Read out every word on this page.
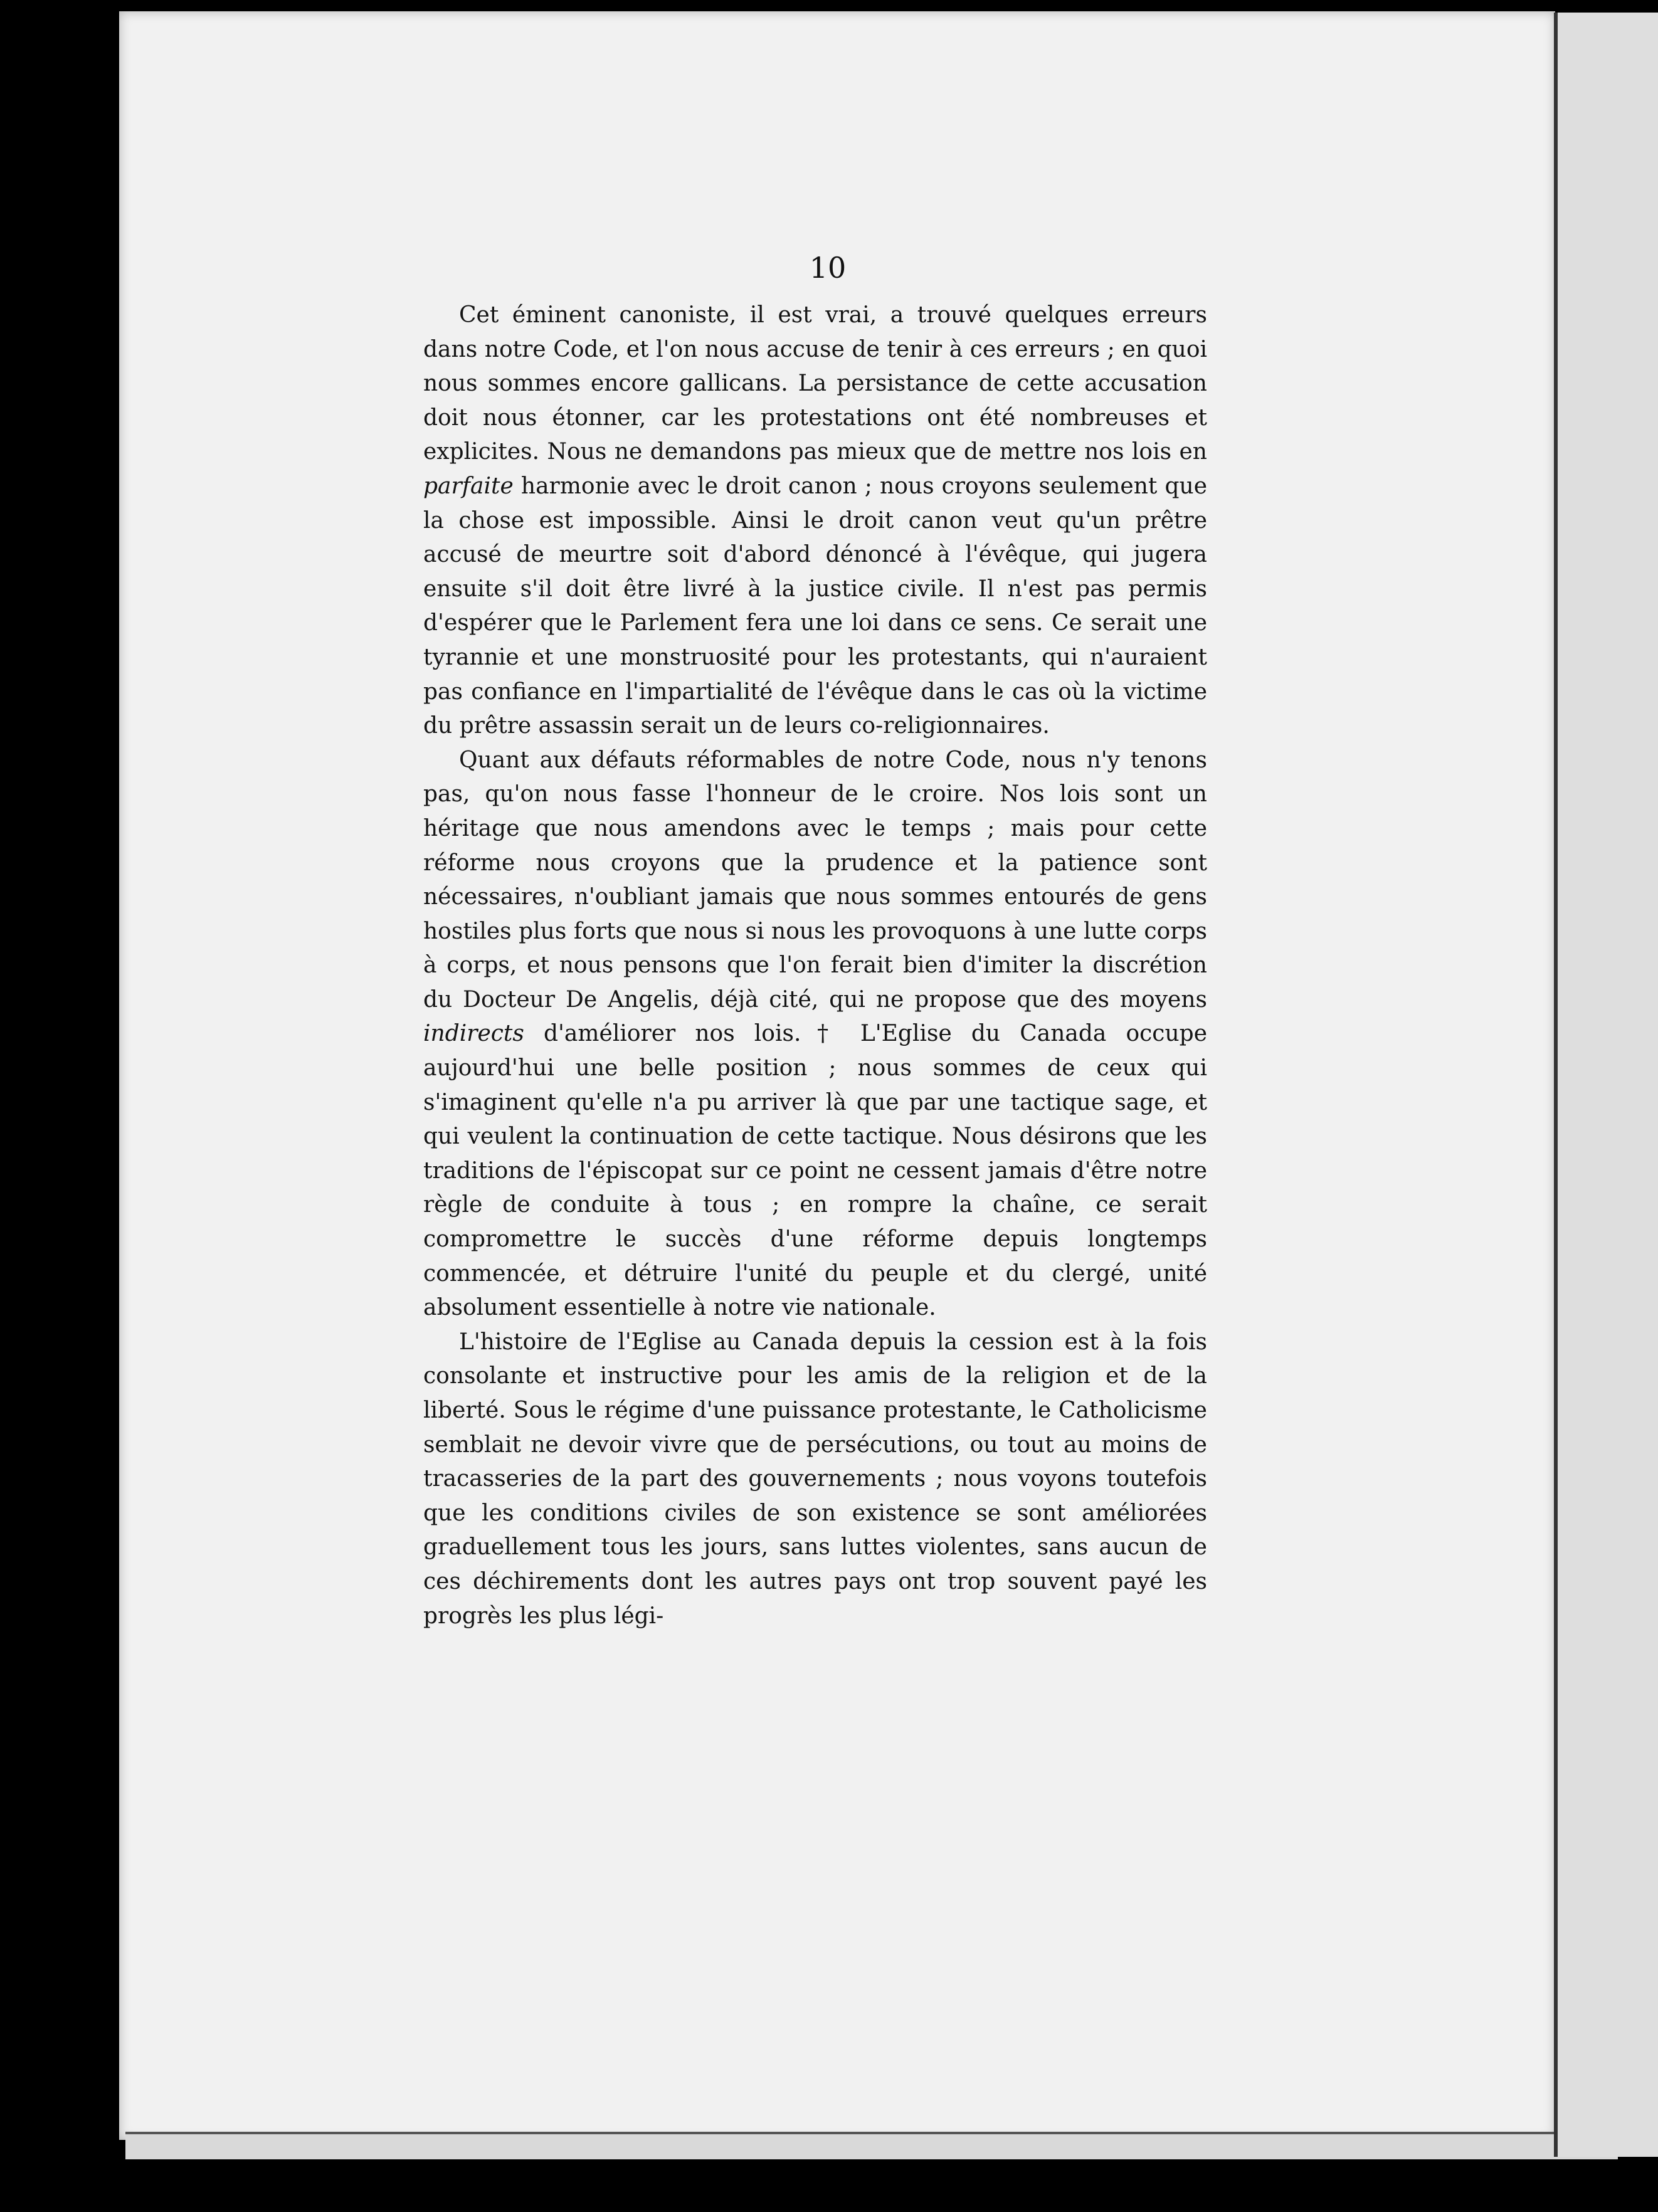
10

Cet éminent canoniste, il est vrai, a trouvé quelques erreurs dans notre Code, et l'on nous accuse de tenir à ces erreurs ; en quoi nous sommes encore gallicans. La persistance de cette accusation doit nous étonner, car les protestations ont été nombreuses et explicites. Nous ne demandons pas mieux que de mettre nos lois en parfaite harmonie avec le droit canon ; nous croyons seulement que la chose est impossible. Ainsi le droit canon veut qu'un prêtre accusé de meurtre soit d'abord dénoncé à l'évêque, qui jugera ensuite s'il doit être livré à la justice civile. Il n'est pas permis d'espérer que le Parlement fera une loi dans ce sens. Ce serait une tyrannie et une monstruosité pour les protestants, qui n'auraient pas confiance en l'impartialité de l'évêque dans le cas où la victime du prêtre assassin serait un de leurs co-religionnaires.

Quant aux défauts réformables de notre Code, nous n'y tenons pas, qu'on nous fasse l'honneur de le croire. Nos lois sont un héritage que nous amendons avec le temps ; mais pour cette réforme nous croyons que la prudence et la patience sont nécessaires, n'oubliant jamais que nous sommes entourés de gens hostiles plus forts que nous si nous les provoquons à une lutte corps à corps, et nous pensons que l'on ferait bien d'imiter la discrétion du Docteur De Angelis, déjà cité, qui ne propose que des moyens indirects d'améliorer nos lois. † L'Eglise du Canada occupe aujourd'hui une belle position ; nous sommes de ceux qui s'imaginent qu'elle n'a pu arriver là que par une tactique sage, et qui veulent la continuation de cette tactique. Nous désirons que les traditions de l'épiscopat sur ce point ne cessent jamais d'être notre règle de conduite à tous ; en rompre la chaîne, ce serait compromettre le succès d'une réforme depuis longtemps commencée, et détruire l'unité du peuple et du clergé, unité absolument essentielle à notre vie nationale.

L'histoire de l'Eglise au Canada depuis la cession est à la fois consolante et instructive pour les amis de la religion et de la liberté. Sous le régime d'une puissance protestante, le Catholicisme semblait ne devoir vivre que de persécutions, ou tout au moins de tracasseries de la part des gouvernements ; nous voyons toutefois que les conditions civiles de son existence se sont améliorées graduellement tous les jours, sans luttes violentes, sans aucun de ces déchirements dont les autres pays ont trop souvent payé les progrès les plus légi-
